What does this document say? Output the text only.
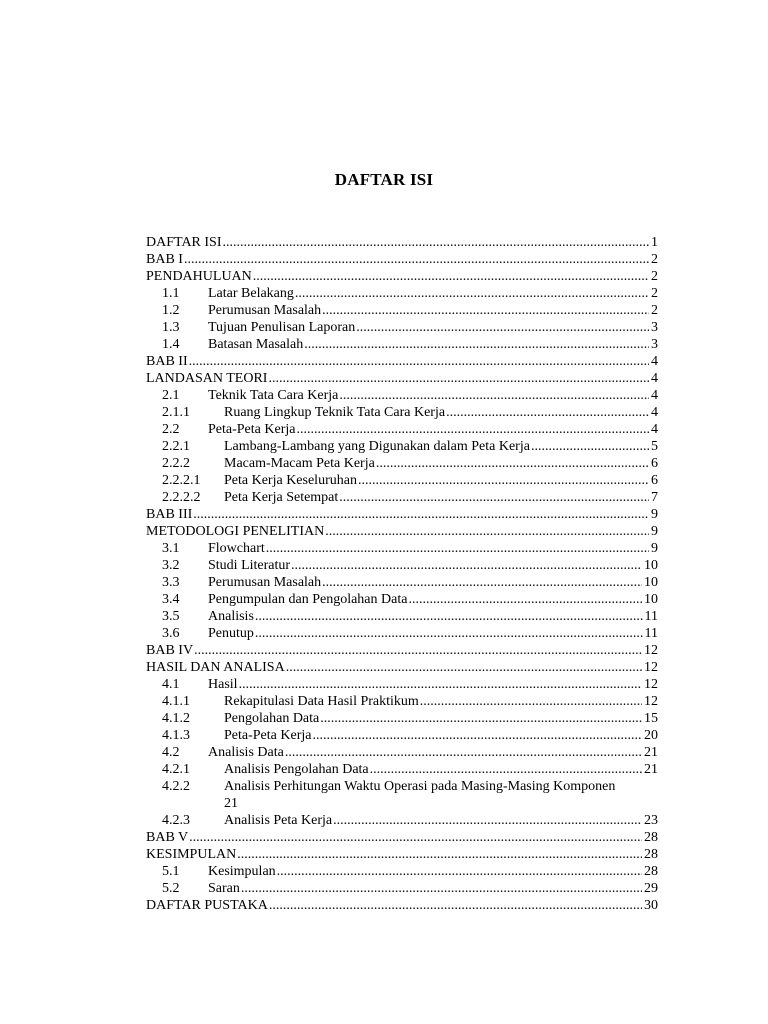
DAFTAR ISI
DAFTAR ISI .....	1
BAB I .....	2
PENDAHULUAN .....	2
1.1	Latar Belakang .....	2
1.2	Perumusan Masalah .....	2
1.3	Tujuan Penulisan Laporan .....	3
1.4	Batasan Masalah .....	3
BAB II .....	4
LANDASAN TEORI .....	4
2.1	Teknik Tata Cara Kerja .....	4
2.1.1	Ruang Lingkup Teknik Tata Cara Kerja .....	4
2.2	Peta-Peta Kerja .....	4
2.2.1	Lambang-Lambang yang Digunakan dalam Peta Kerja .....	5
2.2.2	Macam-Macam Peta Kerja .....	6
2.2.2.1	Peta Kerja Keseluruhan .....	6
2.2.2.2	Peta Kerja Setempat .....	7
BAB III .....	9
METODOLOGI PENELITIAN .....	9
3.1	Flowchart .....	9
3.2	Studi Literatur .....	10
3.3	Perumusan Masalah .....	10
3.4	Pengumpulan dan Pengolahan Data .....	10
3.5	Analisis .....	11
3.6	Penutup .....	11
BAB IV .....	12
HASIL DAN ANALISA .....	12
4.1	Hasil .....	12
4.1.1	Rekapitulasi Data Hasil Praktikum .....	12
4.1.2	Pengolahan Data .....	15
4.1.3	Peta-Peta Kerja .....	20
4.2	Analisis Data .....	21
4.2.1	Analisis Pengolahan Data .....	21
4.2.2	Analisis Perhitungan Waktu Operasi pada Masing-Masing Komponen
21
4.2.3	Analisis Peta Kerja .....	23
BAB V .....	28
KESIMPULAN .....	28
5.1	Kesimpulan .....	28
5.2	Saran .....	29
DAFTAR PUSTAKA .....	30
